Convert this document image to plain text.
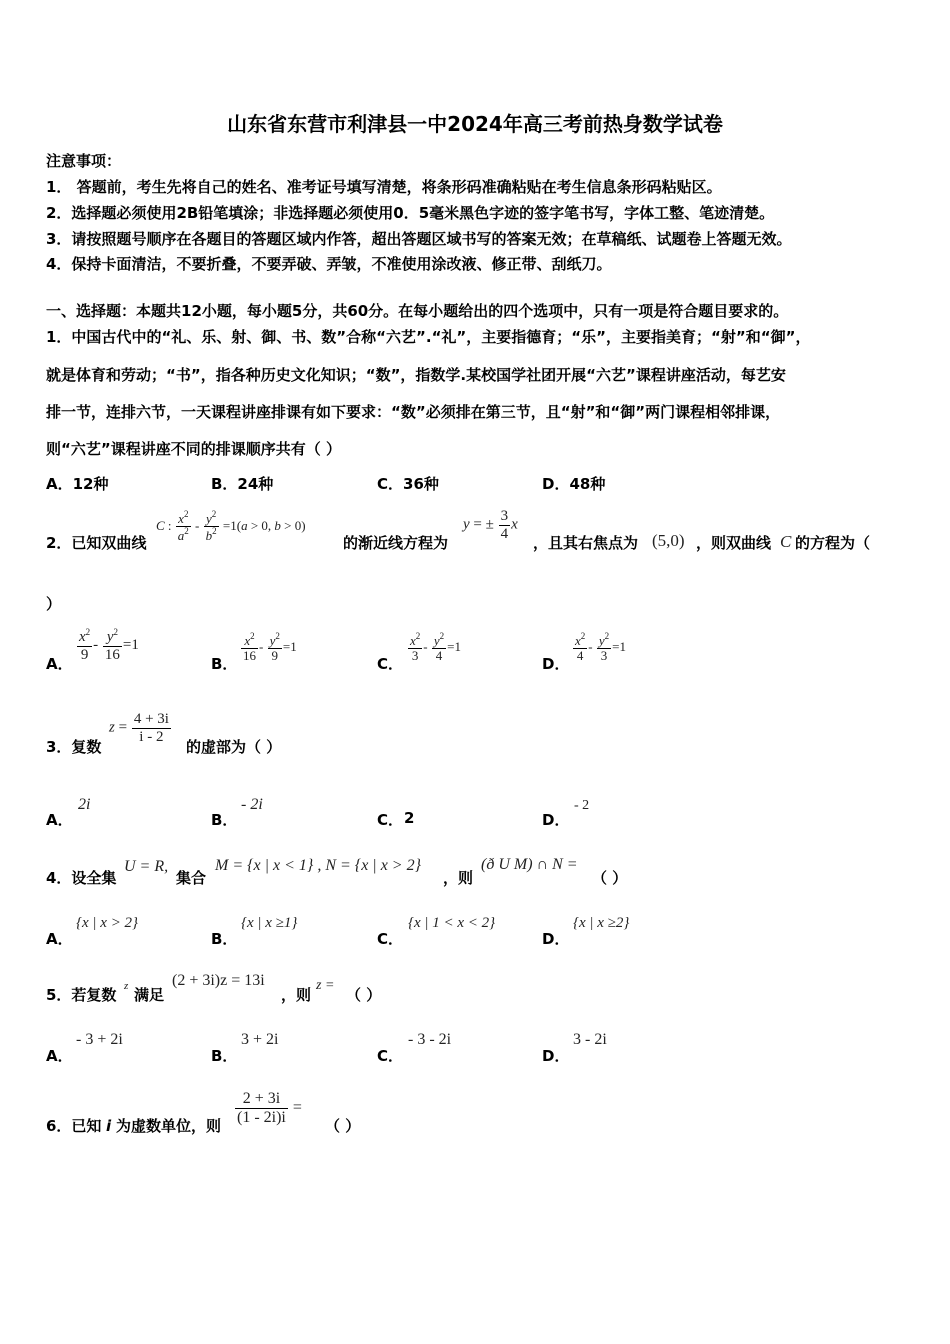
山东省东营市利津县一中2024年高三考前热身数学试卷
注意事项：
1． 答题前，考生先将自己的姓名、准考证号填写清楚，将条形码准确粘贴在考生信息条形码粘贴区。
2．选择题必须使用2B铅笔填涂；非选择题必须使用0．5毫米黑色字迹的签字笔书写，字体工整、笔迹清楚。
3．请按照题号顺序在各题目的答题区域内作答，超出答题区域书写的答案无效；在草稿纸、试题卷上答题无效。
4．保持卡面清洁，不要折叠，不要弄破、弄皱，不准使用涂改液、修正带、刮纸刀。
一、选择题：本题共12小题，每小题5分，共60分。在每小题给出的四个选项中，只有一项是符合题目要求的。
1．中国古代中的“礼、乐、射、御、书、数”合称“六艺”.“礼”，主要指德育；“乐”，主要指美育；“射”和“御”，
就是体育和劳动；“书”，指各种历史文化知识；“数”，指数学.某校国学社团开展“六艺”课程讲座活动，每艺安
排一节，连排六节，一天课程讲座排课有如下要求：“数”必须排在第三节，且“射”和“御”两门课程相邻排课，
则“六艺”课程讲座不同的排课顺序共有（ ）
A．12种	B．24种	C．36种	D．48种
2．已知双曲线
C : $\frac{x^2}{a^2} - \frac{y^2}{b^2} =1(a > 0$, b > 0)
的渐近线方程为
y = ± $\frac{3}{4}$ x
，且其右焦点为 (5,0) ，则双曲线 C 的方程为（
）
A．
$\frac{x^2}{9} - \frac{y^2}{16} =1$
B．
$\frac{x^2}{16} - \frac{y^2}{9} =1$
C．
$\frac{x^2}{3} - \frac{y^2}{4} =1$
D．
$\frac{x^2}{4} - \frac{y^2}{3} =1$
3．复数
$z = \frac{4 + 3i}{i - 2}$
的虚部为（ ）
A．
2i
B．
- 2i
C． 2	D．
- 2
4．设全集
U = R,
集合
M = {x | x < 1} , N = {x | x > 2}
，则
(ð U M) ∩ N =
（ ）
A．
{x | x > 2}
B．
{x | x ≥1}
C．
{x | 1 < x < 2}
D．
{x | x ≥2}
5．若复数 z 满足
(2 + 3i)z = 13i
，则
z =
（ ）
A．
- 3 + 2i
B．
3 + 2i
C．
- 3 - 2i
D．
3 - 2i
6．已知 i 为虚数单位，则 $\frac{2 + 3i}{(1 - 2i)i}$ =
（ ）
